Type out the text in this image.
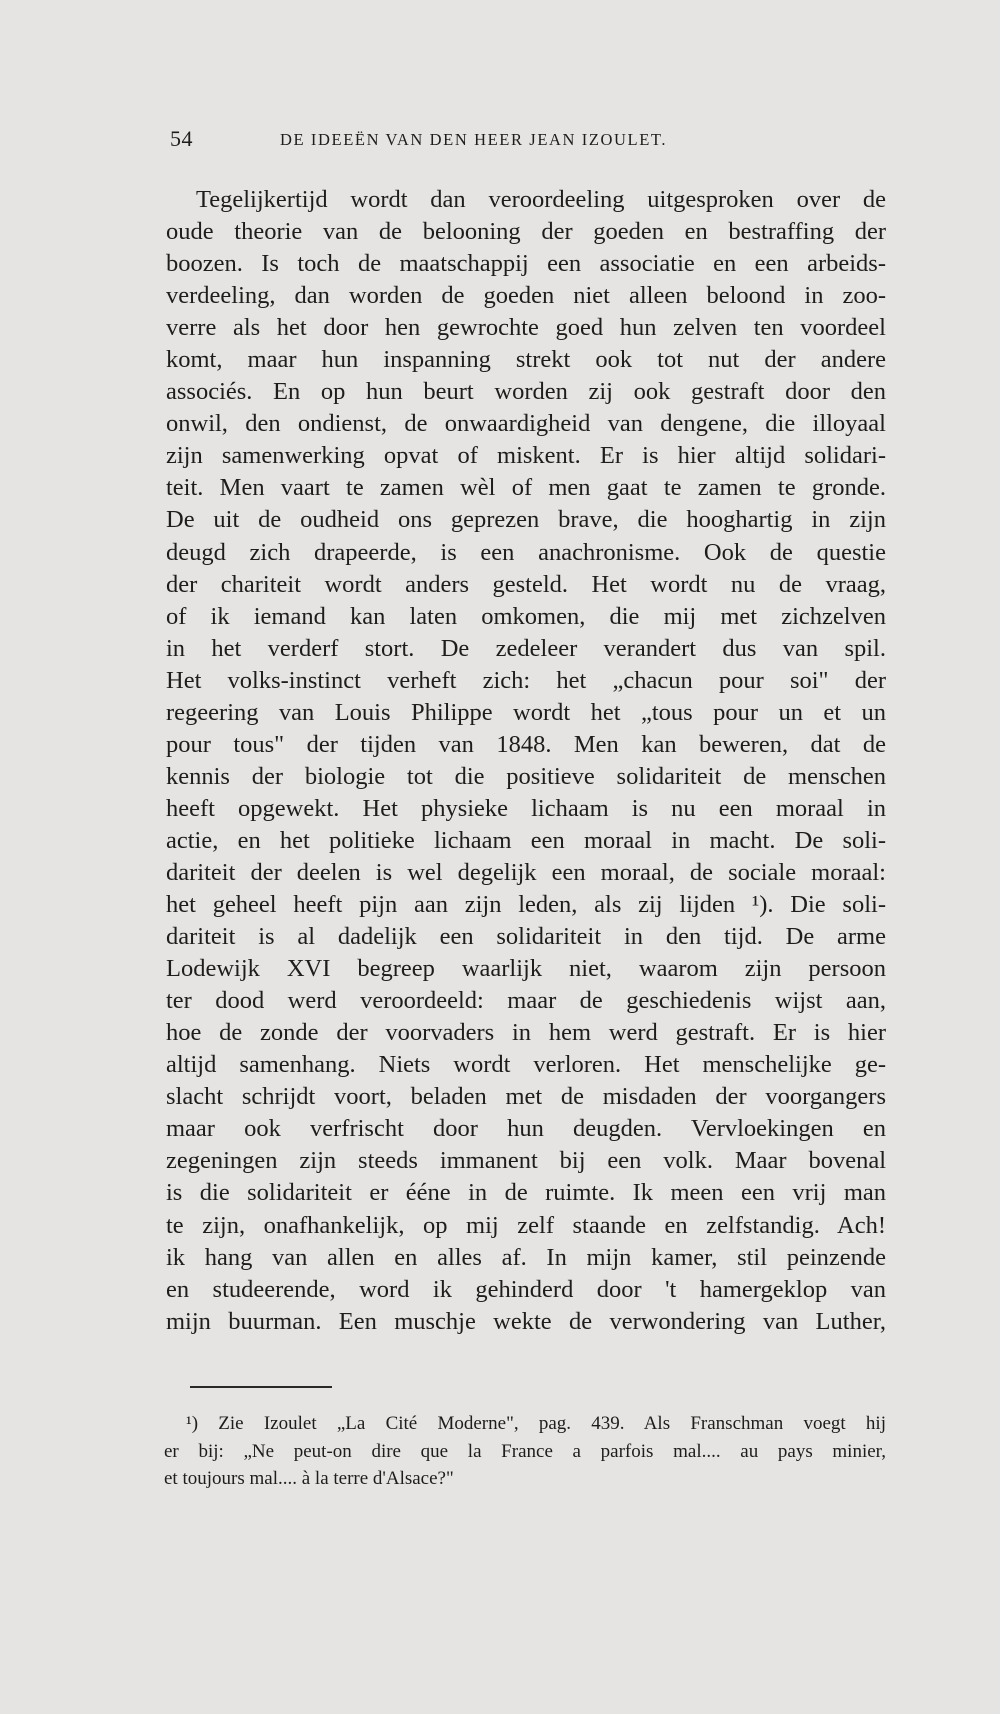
54	DE IDEEËN VAN DEN HEER JEAN IZOULET.
Tegelijkertijd wordt dan veroordeeling uitgesproken over de
oude theorie van de belooning der goeden en bestraffing der
boozen. Is toch de maatschappij een associatie en een arbeids-
verdeeling, dan worden de goeden niet alleen beloond in zoo-
verre als het door hen gewrochte goed hun zelven ten voordeel
komt, maar hun inspanning strekt ook tot nut der andere
associés. En op hun beurt worden zij ook gestraft door den
onwil, den ondienst, de onwaardigheid van dengene, die illoyaal
zijn samenwerking opvat of miskent. Er is hier altijd solidari-
teit. Men vaart te zamen wèl of men gaat te zamen te gronde.
De uit de oudheid ons geprezen brave, die hooghartig in zijn
deugd zich drapeerde, is een anachronisme. Ook de questie
der chariteit wordt anders gesteld. Het wordt nu de vraag,
of ik iemand kan laten omkomen, die mij met zichzelven
in het verderf stort. De zedeleer verandert dus van spil.
Het volks-instinct verheft zich: het „chacun pour soi" der
regeering van Louis Philippe wordt het „tous pour un et un
pour tous" der tijden van 1848. Men kan beweren, dat de
kennis der biologie tot die positieve solidariteit de menschen
heeft opgewekt. Het physieke lichaam is nu een moraal in
actie, en het politieke lichaam een moraal in macht. De soli-
dariteit der deelen is wel degelijk een moraal, de sociale moraal:
het geheel heeft pijn aan zijn leden, als zij lijden ¹). Die soli-
dariteit is al dadelijk een solidariteit in den tijd. De arme
Lodewijk XVI begreep waarlijk niet, waarom zijn persoon
ter dood werd veroordeeld: maar de geschiedenis wijst aan,
hoe de zonde der voorvaders in hem werd gestraft. Er is hier
altijd samenhang. Niets wordt verloren. Het menschelijke ge-
slacht schrijdt voort, beladen met de misdaden der voorgangers
maar ook verfrischt door hun deugden. Vervloekingen en
zegeningen zijn steeds immanent bij een volk. Maar bovenal
is die solidariteit er ééne in de ruimte. Ik meen een vrij man
te zijn, onafhankelijk, op mij zelf staande en zelfstandig. Ach!
ik hang van allen en alles af. In mijn kamer, stil peinzende
en studeerende, word ik gehinderd door 't hamergeklop van
mijn buurman. Een muschje wekte de verwondering van Luther,
¹) Zie Izoulet „La Cité Moderne", pag. 439. Als Franschman voegt hij
er bij: „Ne peut-on dire que la France a parfois mal.... au pays minier,
et toujours mal.... à la terre d'Alsace?"
